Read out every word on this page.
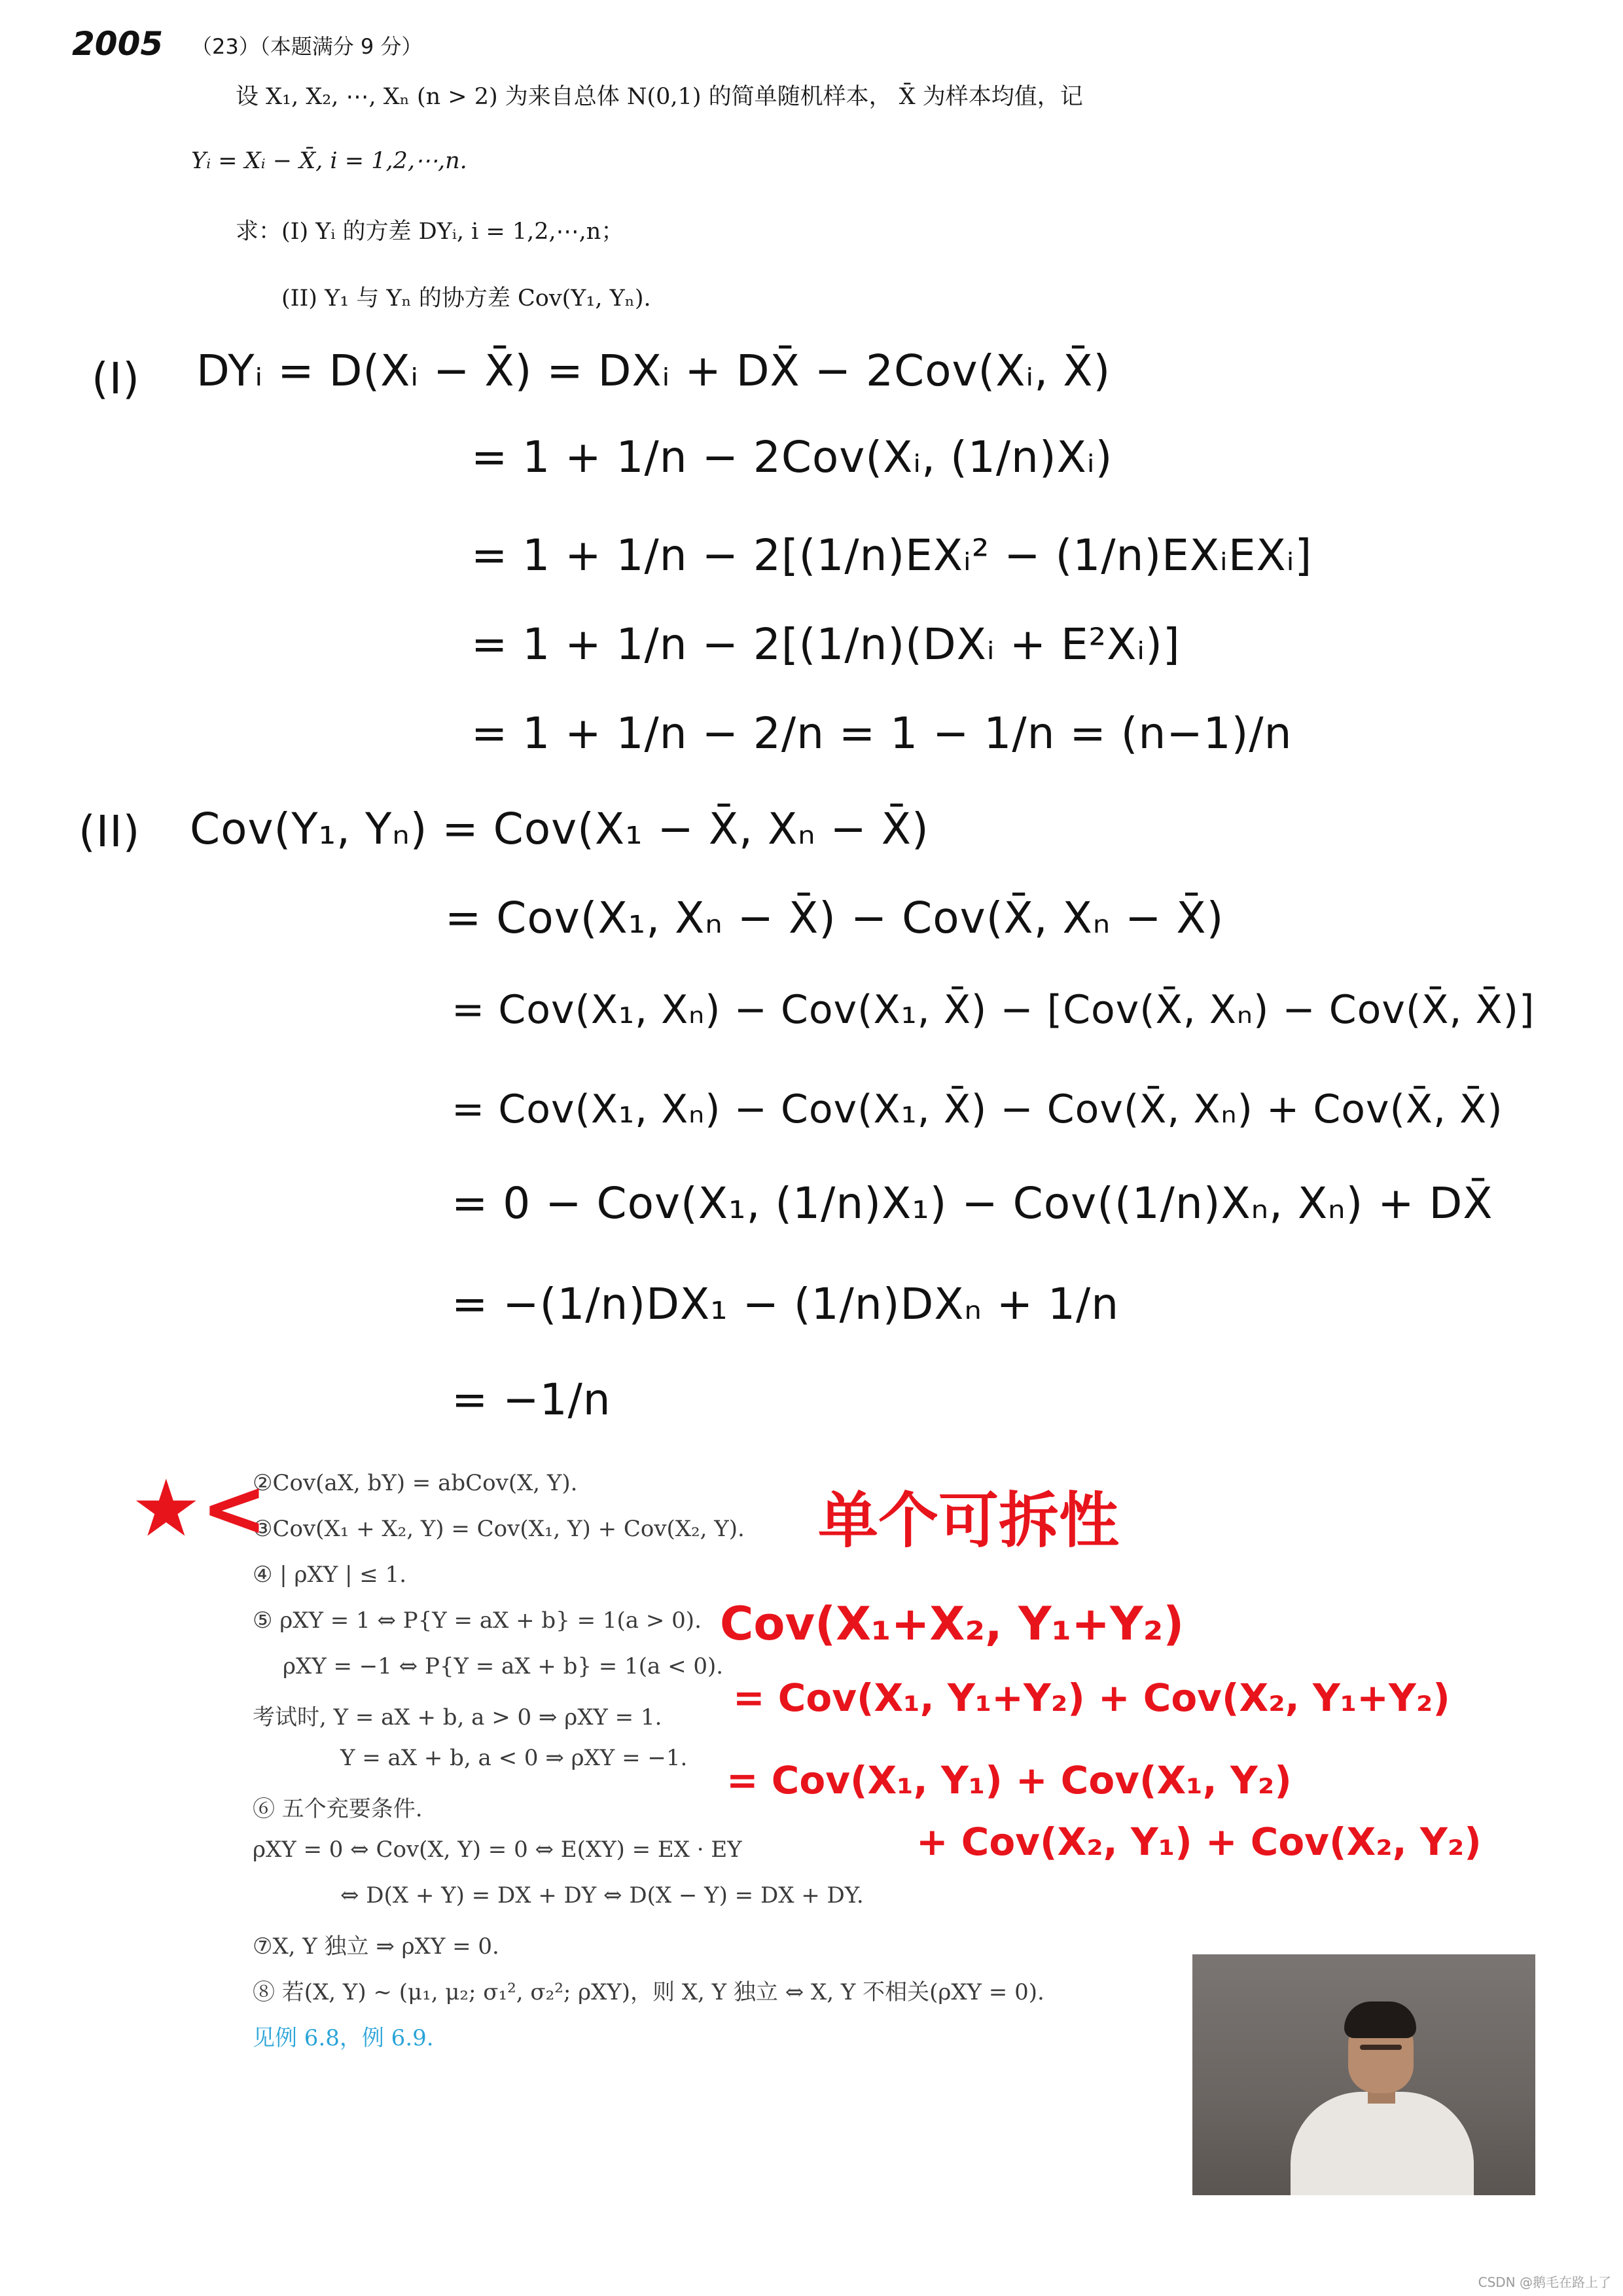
2005 （23）（本题满分 9 分）
设 X₁, X₂, ⋯, Xₙ (n > 2) 为来自总体 N(0,1) 的简单随机样本， X̄ 为样本均值，记
Yᵢ = Xᵢ − X̄, i = 1,2,⋯,n.
求：(I) Yᵢ 的方差 DYᵢ, i = 1,2,⋯,n；
(II) Y₁ 与 Yₙ 的协方差 Cov(Y₁, Yₙ).
(I) DYᵢ = D(Xᵢ − X̄) = DXᵢ + DX̄ − 2Cov(Xᵢ, X̄)
= 1 + 1/n − 2Cov(Xᵢ, (1/n)Xᵢ)
= 1 + 1/n − 2[(1/n)EXᵢ² − (1/n)EXᵢEXᵢ]
= 1 + 1/n − 2[(1/n)(DXᵢ + E²Xᵢ)]
= 1 + 1/n − 2/n = 1 − 1/n = (n−1)/n
(II) Cov(Y₁, Yₙ) = Cov(X₁ − X̄, Xₙ − X̄)
= Cov(X₁, Xₙ − X̄) − Cov(X̄, Xₙ − X̄)
= Cov(X₁, Xₙ) − Cov(X₁, X̄) − [Cov(X̄, Xₙ) − Cov(X̄, X̄)]
= Cov(X₁, Xₙ) − Cov(X₁, X̄) − Cov(X̄, Xₙ) + Cov(X̄, X̄)
= 0 − Cov(X₁, (1/n)X₁) − Cov((1/n)Xₙ, Xₙ) + DX̄
= −(1/n)DX₁ − (1/n)DXₙ + 1/n
= −1/n
②Cov(aX, bY) = abCov(X, Y).
③Cov(X₁ + X₂, Y) = Cov(X₁, Y) + Cov(X₂, Y).
④ | ρXY | ≤ 1.
⑤ ρXY = 1 ⇔ P{Y = aX + b} = 1(a > 0).
ρXY = −1 ⇔ P{Y = aX + b} = 1(a < 0).
考试时, Y = aX + b, a > 0 ⇒ ρXY = 1.
Y = aX + b, a < 0 ⇒ ρXY = −1.
⑥ 五个充要条件.
ρXY = 0 ⇔ Cov(X, Y) = 0 ⇔ E(XY) = EX · EY
⇔ D(X + Y) = DX + DY ⇔ D(X − Y) = DX + DY.
⑦X, Y 独立 ⇒ ρXY = 0.
⑧ 若(X, Y) ~ (μ₁, μ₂; σ₁², σ₂²; ρXY)，则 X, Y 独立 ⇔ X, Y 不相关(ρXY = 0).
见例 6.8，例 6.9.
★<	单个可拆性
Cov(X₁+X₂, Y₁+Y₂)
= Cov(X₁, Y₁+Y₂) + Cov(X₂, Y₁+Y₂)
= Cov(X₁, Y₁) + Cov(X₁, Y₂)
+ Cov(X₂, Y₁) + Cov(X₂, Y₂)
CSDN @鹅毛在路上了
